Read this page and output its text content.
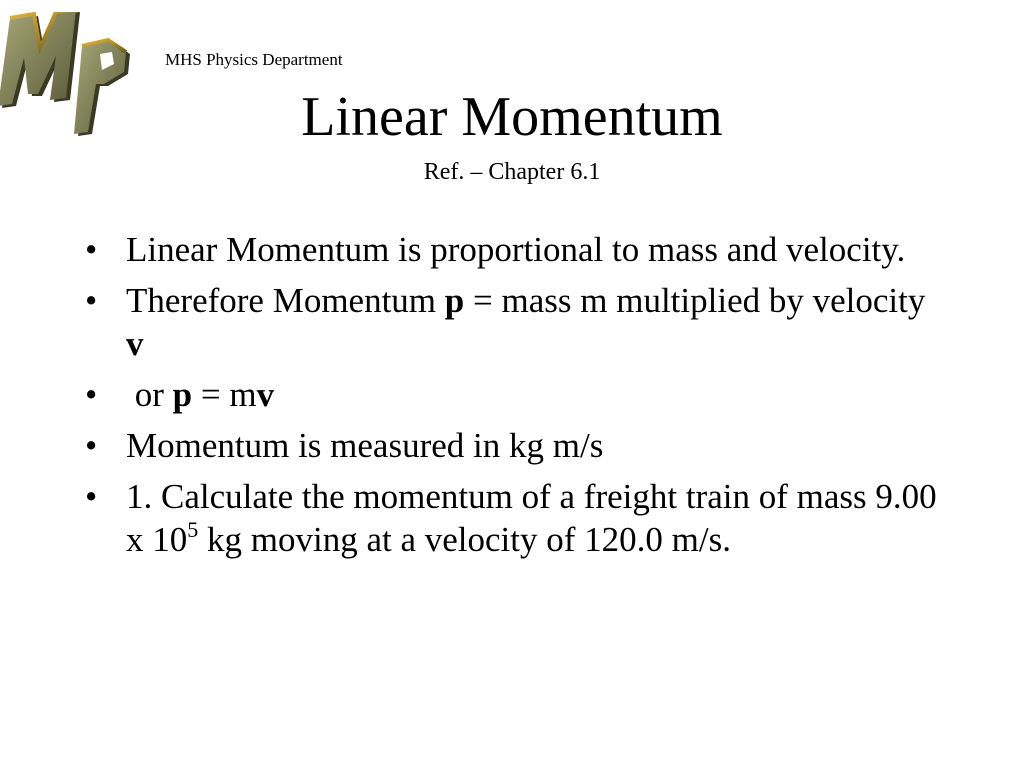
MHS Physics Department
Linear Momentum
Ref. – Chapter 6.1
• Linear Momentum is proportional to mass and velocity.
• Therefore Momentum p = mass m multiplied by velocity v
• or p = mv
• Momentum is measured in kg m/s
• 1. Calculate the momentum of a freight train of mass 9.00 x $10^5$ kg moving at a velocity of 120.0 m/s.
